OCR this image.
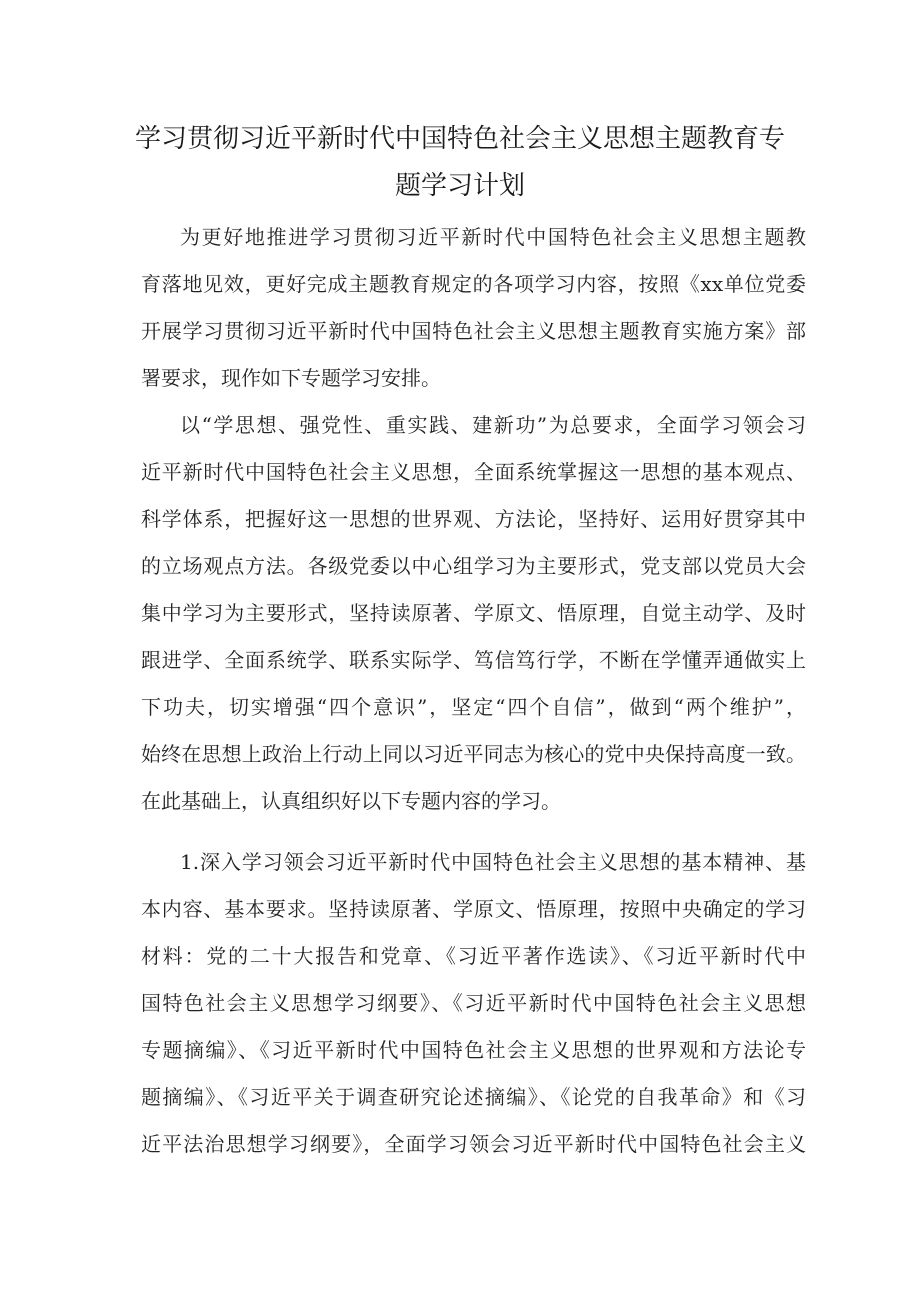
学习贯彻习近平新时代中国特色社会主义思想主题教育专
题学习计划

为更好地推进学习贯彻习近平新时代中国特色社会主义思想主题教

育落地见效，更好完成主题教育规定的各项学习内容，按照《xx单位党委

开展学习贯彻习近平新时代中国特色社会主义思想主题教育实施方案》部

署要求，现作如下专题学习安排。

以“学思想、强党性、重实践、建新功”为总要求，全面学习领会习

近平新时代中国特色社会主义思想，全面系统掌握这一思想的基本观点、

科学体系，把握好这一思想的世界观、方法论，坚持好、运用好贯穿其中

的立场观点方法。各级党委以中心组学习为主要形式，党支部以党员大会

集中学习为主要形式，坚持读原著、学原文、悟原理，自觉主动学、及时

跟进学、全面系统学、联系实际学、笃信笃行学，不断在学懂弄通做实上

下功夫，切实增强“四个意识”，坚定“四个自信”，做到“两个维护”，

始终在思想上政治上行动上同以习近平同志为核心的党中央保持高度一致。

在此基础上，认真组织好以下专题内容的学习。

1.深入学习领会习近平新时代中国特色社会主义思想的基本精神、基

本内容、基本要求。坚持读原著、学原文、悟原理，按照中央确定的学习

材料：党的二十大报告和党章、《习近平著作选读》、《习近平新时代中

国特色社会主义思想学习纲要》、《习近平新时代中国特色社会主义思想

专题摘编》、《习近平新时代中国特色社会主义思想的世界观和方法论专

题摘编》、《习近平关于调查研究论述摘编》、《论党的自我革命》和《习

近平法治思想学习纲要》，全面学习领会习近平新时代中国特色社会主义
